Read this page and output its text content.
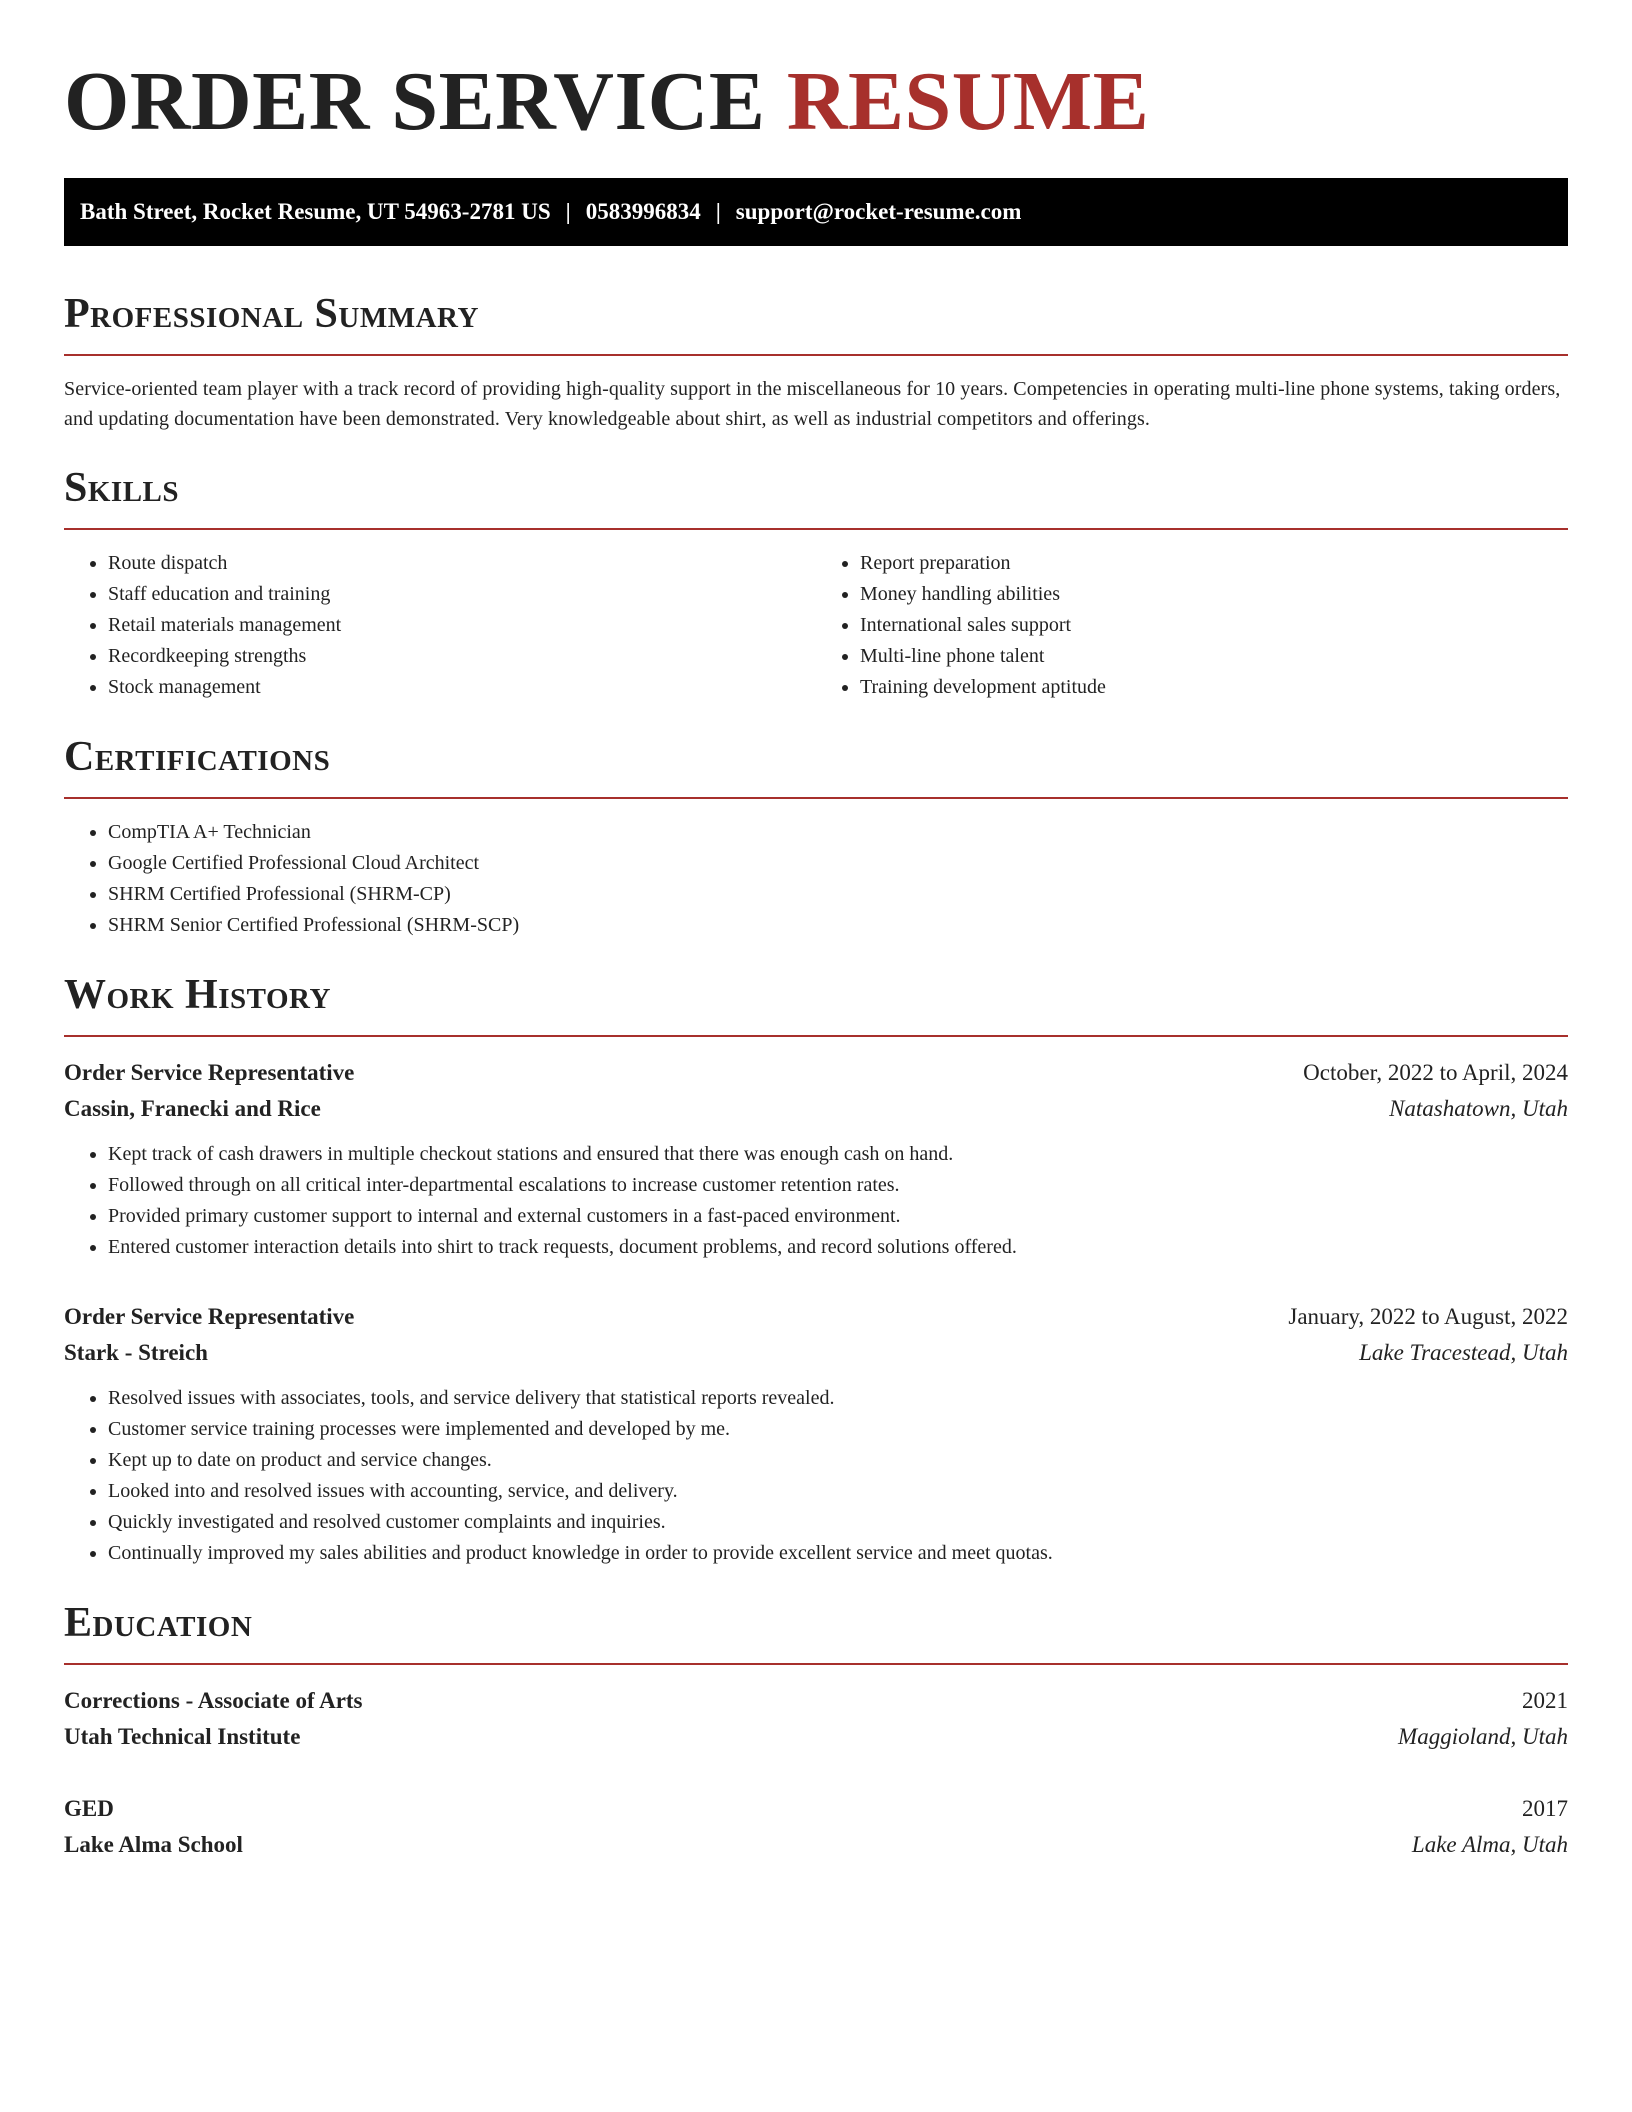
ORDER SERVICE RESUME
Bath Street, Rocket Resume, UT 54963-2781 US | 0583996834 | support@rocket-resume.com
Professional Summary

Service-oriented team player with a track record of providing high-quality support in the miscellaneous for 10 years. Competencies in operating multi-line phone systems, taking orders, and updating documentation have been demonstrated. Very knowledgeable about shirt, as well as industrial competitors and offerings.

Skills
• Route dispatch
• Staff education and training
• Retail materials management
• Recordkeeping strengths
• Stock management
• Report preparation
• Money handling abilities
• International sales support
• Multi-line phone talent
• Training development aptitude
Certifications
• CompTIA A+ Technician
• Google Certified Professional Cloud Architect
• SHRM Certified Professional (SHRM-CP)
• SHRM Senior Certified Professional (SHRM-SCP)
Work History
Order Service Representative	October, 2022 to April, 2024
Cassin, Franecki and Rice	Natashatown, Utah
• Kept track of cash drawers in multiple checkout stations and ensured that there was enough cash on hand.
• Followed through on all critical inter-departmental escalations to increase customer retention rates.
• Provided primary customer support to internal and external customers in a fast-paced environment.
• Entered customer interaction details into shirt to track requests, document problems, and record solutions offered.
Order Service Representative	January, 2022 to August, 2022
Stark - Streich	Lake Tracestead, Utah
• Resolved issues with associates, tools, and service delivery that statistical reports revealed.
• Customer service training processes were implemented and developed by me.
• Kept up to date on product and service changes.
• Looked into and resolved issues with accounting, service, and delivery.
• Quickly investigated and resolved customer complaints and inquiries.
• Continually improved my sales abilities and product knowledge in order to provide excellent service and meet quotas.
Education
Corrections - Associate of Arts	2021
Utah Technical Institute	Maggioland, Utah
GED	2017
Lake Alma School	Lake Alma, Utah
